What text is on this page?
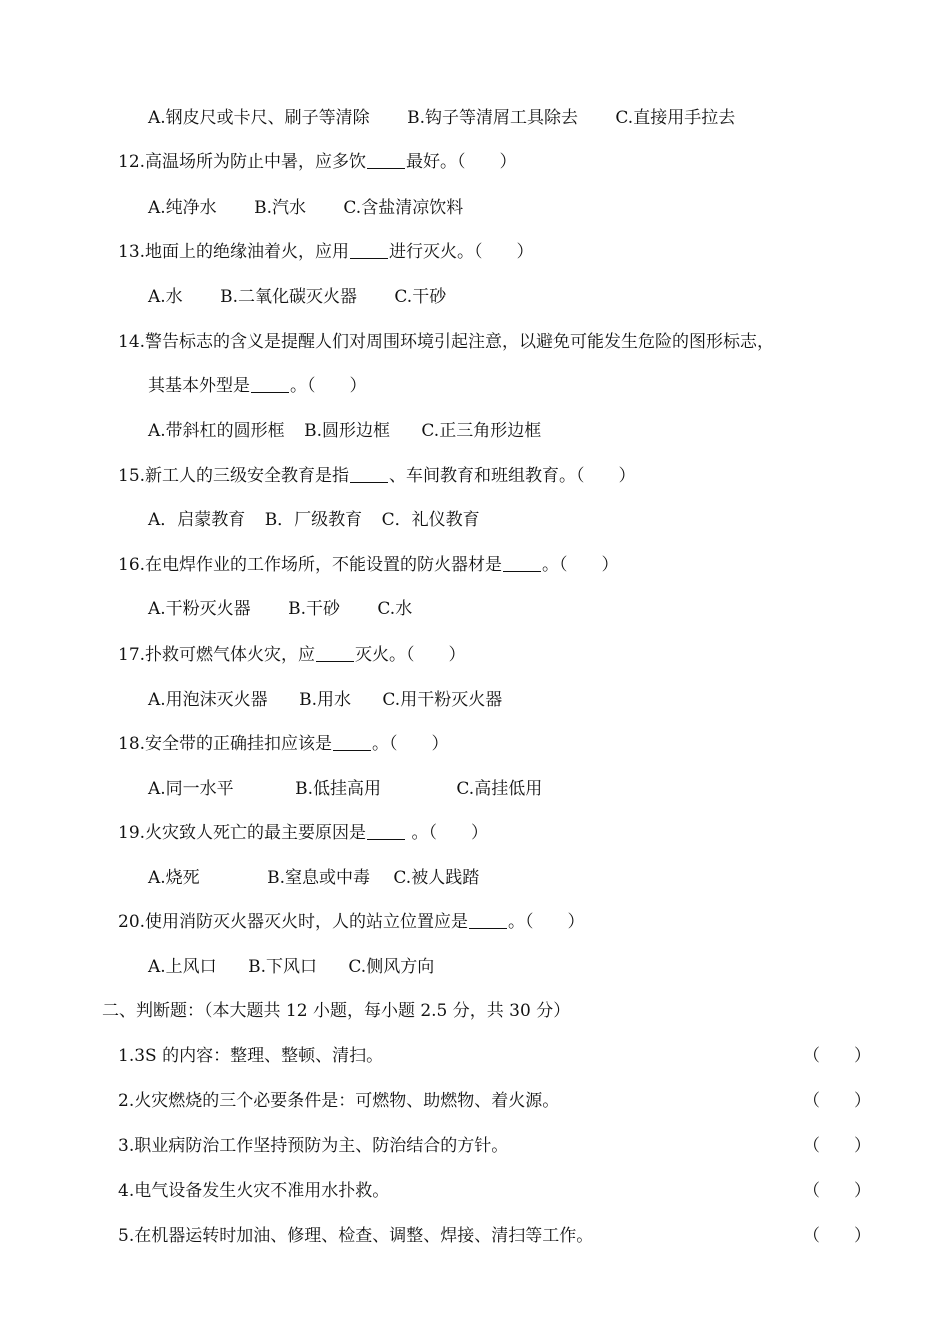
A.钢皮尺或卡尺、刷子等清除 B.钩子等清屑工具除去 C.直接用手拉去
12.高温场所为防止中暑，应多饮 最好。（　　）
A.纯净水 B.汽水 C.含盐清凉饮料
13.地面上的绝缘油着火，应用 进行灭火。（　　）
A.水 B.二氧化碳灭火器 C.干砂
14.警告标志的含义是提醒人们对周围环境引起注意，以避免可能发生危险的图形标志，
其基本外型是 。（　　）
A.带斜杠的圆形框 B.圆形边框 C.正三角形边框
15.新工人的三级安全教育是指 、车间教育和班组教育。（　　）
A．启蒙教育 B．厂级教育 C．礼仪教育
16.在电焊作业的工作场所，不能设置的防火器材是 。（　　）
A.干粉灭火器 B.干砂 C.水
17.扑救可燃气体火灾，应 灭火。（　　）
A.用泡沫灭火器 B.用水 C.用干粉灭火器
18.安全带的正确挂扣应该是 。（　　）
A.同一水平	B.低挂高用	C.高挂低用
19.火灾致人死亡的最主要原因是 。（　　）
A.烧死	B.窒息或中毒 C.被人践踏
20.使用消防灭火器灭火时，人的站立位置应是 。（　　）
A.上风口 B.下风口 C.侧风方向
二、判断题：（本大题共 12 小题，每小题 2.5 分，共 30 分）
1.3S 的内容：整理、整顿、清扫。	（　　）
2.火灾燃烧的三个必要条件是：可燃物、助燃物、着火源。	（　　）
3.职业病防治工作坚持预防为主、防治结合的方针。	（　　）
4.电气设备发生火灾不准用水扑救。	（　　）
5.在机器运转时加油、修理、检查、调整、焊接、清扫等工作。	（　　）
